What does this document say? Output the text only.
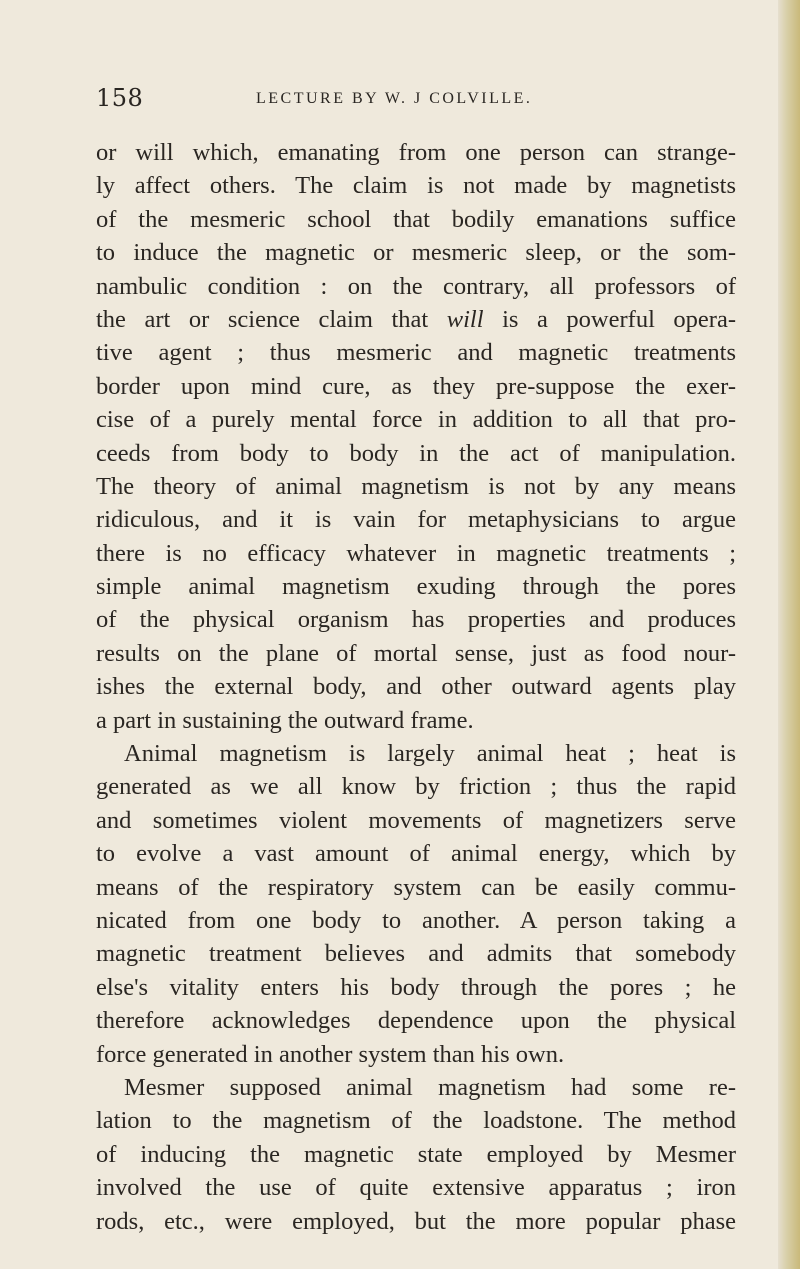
158	LECTURE BY W. J COLVILLE.
or will which, emanating from one person can strange-
ly affect others. The claim is not made by magnetists
of the mesmeric school that bodily emanations suffice
to induce the magnetic or mesmeric sleep, or the som-
nambulic condition : on the contrary, all professors of
the art or science claim that will is a powerful opera-
tive agent ; thus mesmeric and magnetic treatments
border upon mind cure, as they pre-suppose the exer-
cise of a purely mental force in addition to all that pro-
ceeds from body to body in the act of manipulation.
The theory of animal magnetism is not by any means
ridiculous, and it is vain for metaphysicians to argue
there is no efficacy whatever in magnetic treatments ;
simple animal magnetism exuding through the pores
of the physical organism has properties and produces
results on the plane of mortal sense, just as food nour-
ishes the external body, and other outward agents play
a part in sustaining the outward frame.
Animal magnetism is largely animal heat ; heat is
generated as we all know by friction ; thus the rapid
and sometimes violent movements of magnetizers serve
to evolve a vast amount of animal energy, which by
means of the respiratory system can be easily commu-
nicated from one body to another. A person taking a
magnetic treatment believes and admits that somebody
else's vitality enters his body through the pores ; he
therefore acknowledges dependence upon the physical
force generated in another system than his own.
Mesmer supposed animal magnetism had some re-
lation to the magnetism of the loadstone. The method
of inducing the magnetic state employed by Mesmer
involved the use of quite extensive apparatus ; iron
rods, etc., were employed, but the more popular phase
